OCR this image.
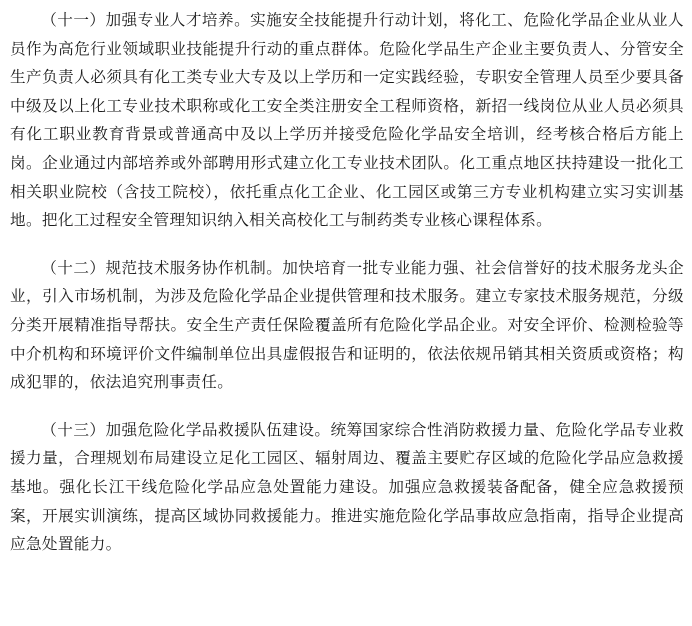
（十一）加强专业人才培养。实施安全技能提升行动计划，将化工、危险化学品企业从业人员作为高危行业领域职业技能提升行动的重点群体。危险化学品生产企业主要负责人、分管安全生产负责人必须具有化工类专业大专及以上学历和一定实践经验，专职安全管理人员至少要具备中级及以上化工专业技术职称或化工安全类注册安全工程师资格，新招一线岗位从业人员必须具有化工职业教育背景或普通高中及以上学历并接受危险化学品安全培训，经考核合格后方能上岗。企业通过内部培养或外部聘用形式建立化工专业技术团队。化工重点地区扶持建设一批化工相关职业院校（含技工院校），依托重点化工企业、化工园区或第三方专业机构建立实习实训基地。把化工过程安全管理知识纳入相关高校化工与制药类专业核心课程体系。

（十二）规范技术服务协作机制。加快培育一批专业能力强、社会信誉好的技术服务龙头企业，引入市场机制，为涉及危险化学品企业提供管理和技术服务。建立专家技术服务规范，分级分类开展精准指导帮扶。安全生产责任保险覆盖所有危险化学品企业。对安全评价、检测检验等中介机构和环境评价文件编制单位出具虚假报告和证明的，依法依规吊销其相关资质或资格；构成犯罪的，依法追究刑事责任。

（十三）加强危险化学品救援队伍建设。统筹国家综合性消防救援力量、危险化学品专业救援力量，合理规划布局建设立足化工园区、辐射周边、覆盖主要贮存区域的危险化学品应急救援基地。强化长江干线危险化学品应急处置能力建设。加强应急救援装备配备，健全应急救援预案，开展实训演练，提高区域协同救援能力。推进实施危险化学品事故应急指南，指导企业提高应急处置能力。
